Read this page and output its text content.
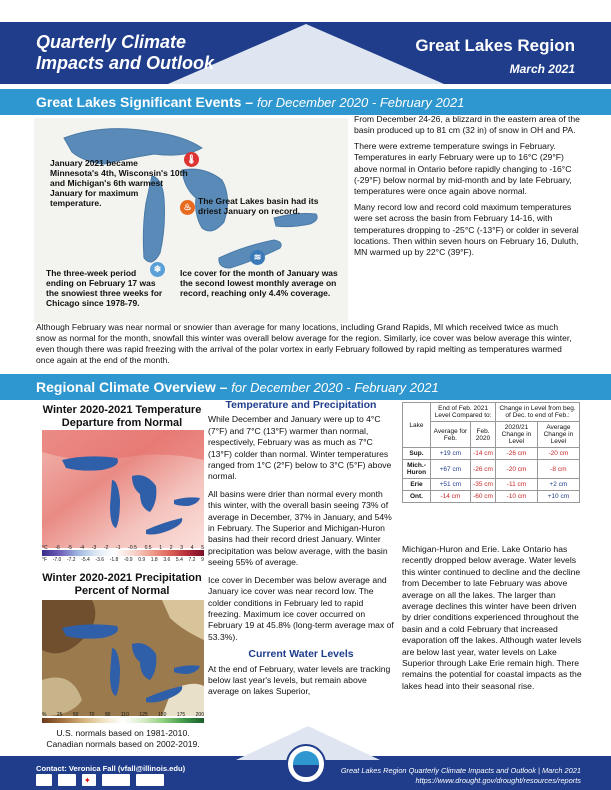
Quarterly Climate Impacts and Outlook
Great Lakes Region
March 2021
Great Lakes Significant Events – for December 2020 - February 2021
January 2021 became Minnesota's 4th, Wisconsin's 10th and Michigan's 6th warmest January for maximum temperature.
🌡
The Great Lakes basin had its driest January on record.
♨
The three-week period ending on February 17 was the snowiest three weeks for Chicago since 1978-79.
❄	Ice cover for the month of January was the second lowest monthly average on record, reaching only 4.4% coverage.
≋

From December 24-26, a blizzard in the eastern area of the basin produced up to 81 cm (32 in) of snow in OH and PA.

There were extreme temperature swings in February. Temperatures in early February were up to 16°C (29°F) above normal in Ontario before rapidly changing to -16°C (-29°F) below normal by mid-month and by late February, temperatures were once again above normal.

Many record low and record cold maximum temperatures were set across the basin from February 14-16, with temperatures dropping to -25°C (-13°F) or colder in several locations. Then within seven hours on February 16, Duluth, MN warmed up by 22°C (39°F).

Although February was near normal or snowier than average for many locations, including Grand Rapids, MI which received twice as much snow as normal for the month, snowfall this winter was overall below average for the region. Similarly, ice cover was below average this winter, even though there was rapid freezing with the arrival of the polar vortex in early February followed by rapid melting as temperatures warmed once again at the end of the month.
Regional Climate Overview – for December 2020 - February 2021
Winter 2020-2021 Temperature Departure from Normal
°C -6 -5 -4 -3 -2 -1 -0.5 0.5 1 2 3 4 5
°F -7.0 -7.2 -5.4 -3.6 -1.8 -0.9 0.9 1.8 3.6 5.4 7.2 9
Winter 2020-2021 Precipitation Percent of Normal
% 25 50 70 90 110 125 150 175 200
U.S. normals based on 1981-2010.
Canadian normals based on 2002-2019.
Temperature and Precipitation

While December and January were up to 4°C (7°F) and 7°C (13°F) warmer than normal, respectively, February was as much as 7°C (13°F) colder than normal. Winter temperatures ranged from 1°C (2°F) below to 3°C (5°F) above normal.

All basins were drier than normal every month this winter, with the overall basin seeing 73% of average in December, 37% in January, and 54% in February. The Superior and Michigan-Huron basins had their record driest January. Winter precipitation was below average, with the basin seeing 55% of average.

Ice cover in December was below average and January ice cover was near record low. The colder conditions in February led to rapid freezing. Maximum ice cover occurred on February 19 at 45.8% (long-term average max of 53.3%).

Current Water Levels

At the end of February, water levels are tracking below last year's levels, but remain above average on lakes Superior,

Lake	End of Feb. 2021 Level Compared to:		Change in Level from beg. of Dec. to end of Feb.:	
	Average for Feb.	Feb. 2020	2020/21 Change in Level	Average Change in Level
Sup.	+19 cm	-14 cm	-26 cm	-20 cm
Mich.-Huron	+67 cm	-26 cm	-20 cm	-8 cm
Erie	+51 cm	-35 cm	-11 cm	+2 cm
Ont.	-14 cm	-60 cm	-10 cm	+10 cm
Michigan-Huron and Erie. Lake Ontario has recently dropped below average. Water levels this winter continued to decline and the decline from December to late February was above average on all the lakes. The larger than average declines this winter have been driven by drier conditions experienced throughout the basin and a cold February that increased evaporation off the lakes. Although water levels are below last year, water levels on Lake Superior through Lake Erie remain high. There remains the potential for coastal impacts as the lakes head into their seasonal rise.
Contact: Veronica Fall (vfall@illinois.edu)
✦
Great Lakes Region Quarterly Climate Impacts and Outlook | March 2021
https://www.drought.gov/drought/resources/reports
